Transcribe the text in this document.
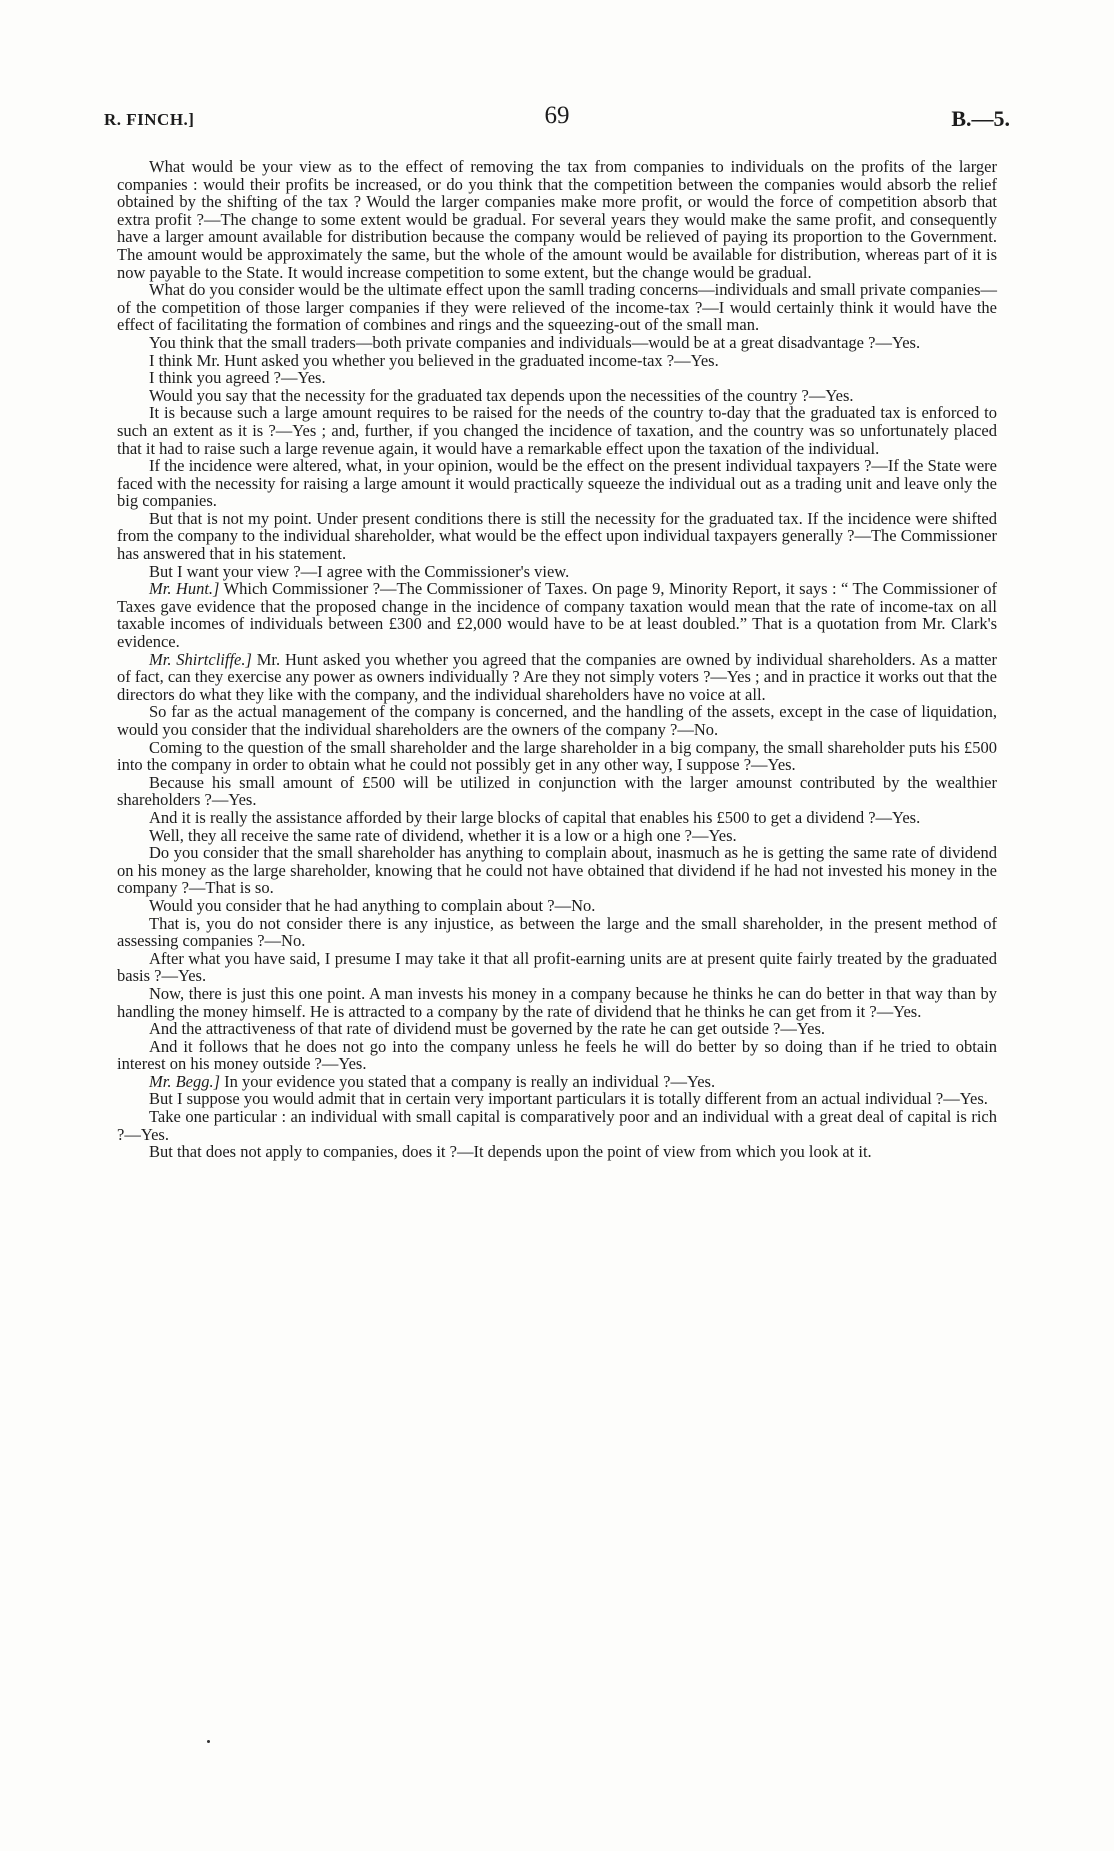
R. FINCH.]	69	B.—5.

What would be your view as to the effect of removing the tax from companies to individuals on the profits of the larger companies : would their profits be increased, or do you think that the competition between the companies would absorb the relief obtained by the shifting of the tax ? Would the larger companies make more profit, or would the force of competition absorb that extra profit ?—The change to some extent would be gradual. For several years they would make the same profit, and consequently have a larger amount available for distribution because the company would be relieved of paying its proportion to the Government. The amount would be approximately the same, but the whole of the amount would be available for distribution, whereas part of it is now payable to the State. It would increase competition to some extent, but the change would be gradual.

What do you consider would be the ultimate effect upon the samll trading concerns—individuals and small private companies—of the competition of those larger companies if they were relieved of the income-tax ?—I would certainly think it would have the effect of facilitating the formation of combines and rings and the squeezing-out of the small man.

You think that the small traders—both private companies and individuals—would be at a great disadvantage ?—Yes.

I think Mr. Hunt asked you whether you believed in the graduated income-tax ?—Yes.

I think you agreed ?—Yes.

Would you say that the necessity for the graduated tax depends upon the necessities of the country ?—Yes.

It is because such a large amount requires to be raised for the needs of the country to-day that the graduated tax is enforced to such an extent as it is ?—Yes ; and, further, if you changed the incidence of taxation, and the country was so unfortunately placed that it had to raise such a large revenue again, it would have a remarkable effect upon the taxation of the individual.

If the incidence were altered, what, in your opinion, would be the effect on the present individual taxpayers ?—If the State were faced with the necessity for raising a large amount it would practically squeeze the individual out as a trading unit and leave only the big companies.

But that is not my point. Under present conditions there is still the necessity for the graduated tax. If the incidence were shifted from the company to the individual shareholder, what would be the effect upon individual taxpayers generally ?—The Commissioner has answered that in his statement.

But I want your view ?—I agree with the Commissioner's view.

Mr. Hunt.] Which Commissioner ?—The Commissioner of Taxes. On page 9, Minority Report, it says : “ The Commissioner of Taxes gave evidence that the proposed change in the incidence of company taxation would mean that the rate of income-tax on all taxable incomes of individuals between £300 and £2,000 would have to be at least doubled.” That is a quotation from Mr. Clark's evidence.

Mr. Shirtcliffe.] Mr. Hunt asked you whether you agreed that the companies are owned by individual shareholders. As a matter of fact, can they exercise any power as owners individually ? Are they not simply voters ?—Yes ; and in practice it works out that the directors do what they like with the company, and the individual shareholders have no voice at all.

So far as the actual management of the company is concerned, and the handling of the assets, except in the case of liquidation, would you consider that the individual shareholders are the owners of the company ?—No.

Coming to the question of the small shareholder and the large shareholder in a big company, the small shareholder puts his £500 into the company in order to obtain what he could not possibly get in any other way, I suppose ?—Yes.

Because his small amount of £500 will be utilized in conjunction with the larger amounst contributed by the wealthier shareholders ?—Yes.

And it is really the assistance afforded by their large blocks of capital that enables his £500 to get a dividend ?—Yes.

Well, they all receive the same rate of dividend, whether it is a low or a high one ?—Yes.

Do you consider that the small shareholder has anything to complain about, inasmuch as he is getting the same rate of dividend on his money as the large shareholder, knowing that he could not have obtained that dividend if he had not invested his money in the company ?—That is so.

Would you consider that he had anything to complain about ?—No.

That is, you do not consider there is any injustice, as between the large and the small shareholder, in the present method of assessing companies ?—No.

After what you have said, I presume I may take it that all profit-earning units are at present quite fairly treated by the graduated basis ?—Yes.

Now, there is just this one point. A man invests his money in a company because he thinks he can do better in that way than by handling the money himself. He is attracted to a company by the rate of dividend that he thinks he can get from it ?—Yes.

And the attractiveness of that rate of dividend must be governed by the rate he can get outside ?—Yes.

And it follows that he does not go into the company unless he feels he will do better by so doing than if he tried to obtain interest on his money outside ?—Yes.

Mr. Begg.] In your evidence you stated that a company is really an individual ?—Yes.

But I suppose you would admit that in certain very important particulars it is totally different from an actual individual ?—Yes.

Take one particular : an individual with small capital is comparatively poor and an individual with a great deal of capital is rich ?—Yes.

But that does not apply to companies, does it ?—It depends upon the point of view from which you look at it.
